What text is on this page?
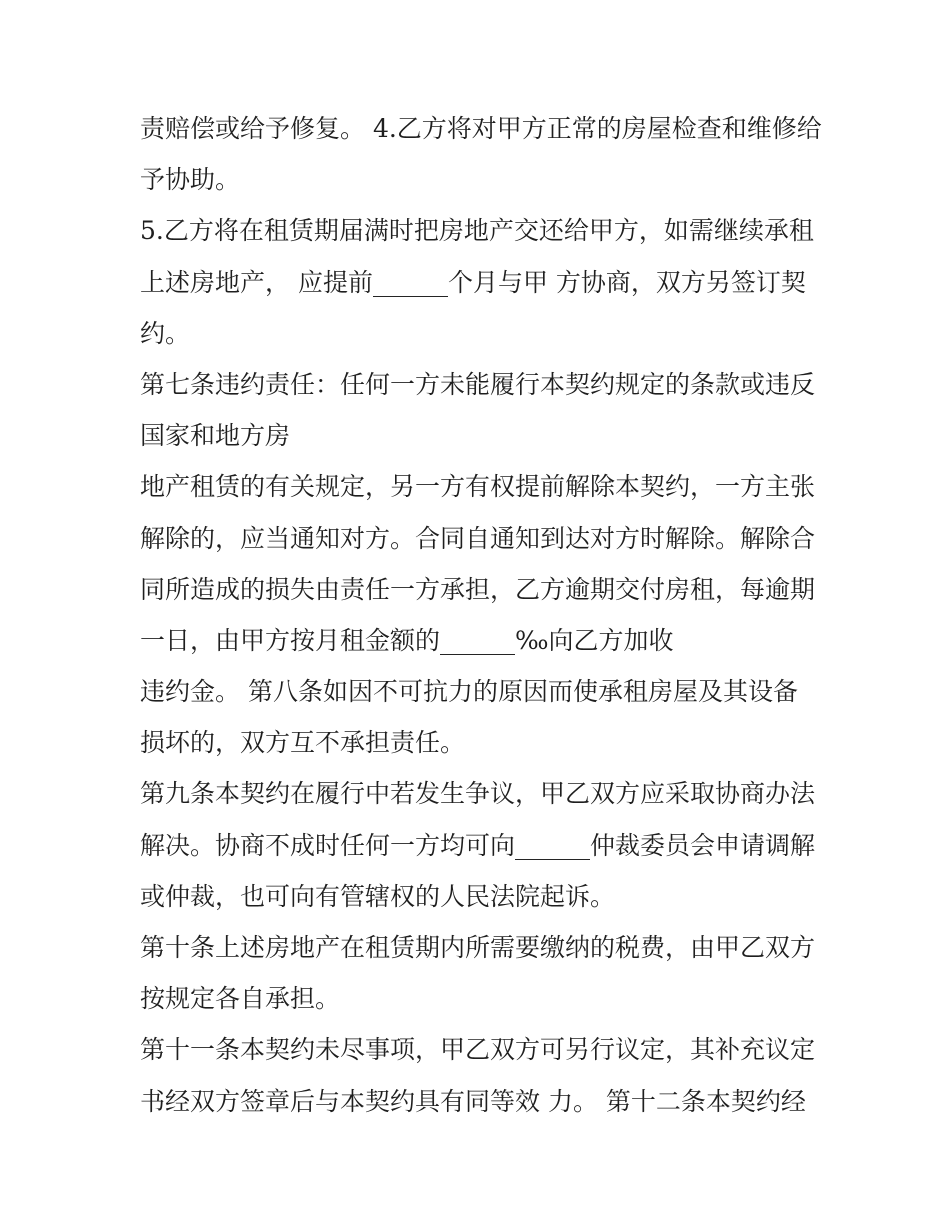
责赔偿或给予修复。 4.乙方将对甲方正常的房屋检查和维修给
予协助。
5.乙方将在租赁期届满时把房地产交还给甲方，如需继续承租
上述房地产， 应提前______个月与甲 方协商，双方另签订契
约。
第七条违约责任：任何一方未能履行本契约规定的条款或违反
国家和地方房
地产租赁的有关规定，另一方有权提前解除本契约，一方主张
解除的，应当通知对方。合同自通知到达对方时解除。解除合
同所造成的损失由责任一方承担，乙方逾期交付房租，每逾期
一日，由甲方按月租金额的______‰向乙方加收
违约金。 第八条如因不可抗力的原因而使承租房屋及其设备
损坏的，双方互不承担责任。
第九条本契约在履行中若发生争议，甲乙双方应采取协商办法
解决。协商不成时任何一方均可向______仲裁委员会申请调解
或仲裁，也可向有管辖权的人民法院起诉。
第十条上述房地产在租赁期内所需要缴纳的税费，由甲乙双方
按规定各自承担。
第十一条本契约未尽事项，甲乙双方可另行议定，其补充议定
书经双方签章后与本契约具有同等效 力。 第十二条本契约经
